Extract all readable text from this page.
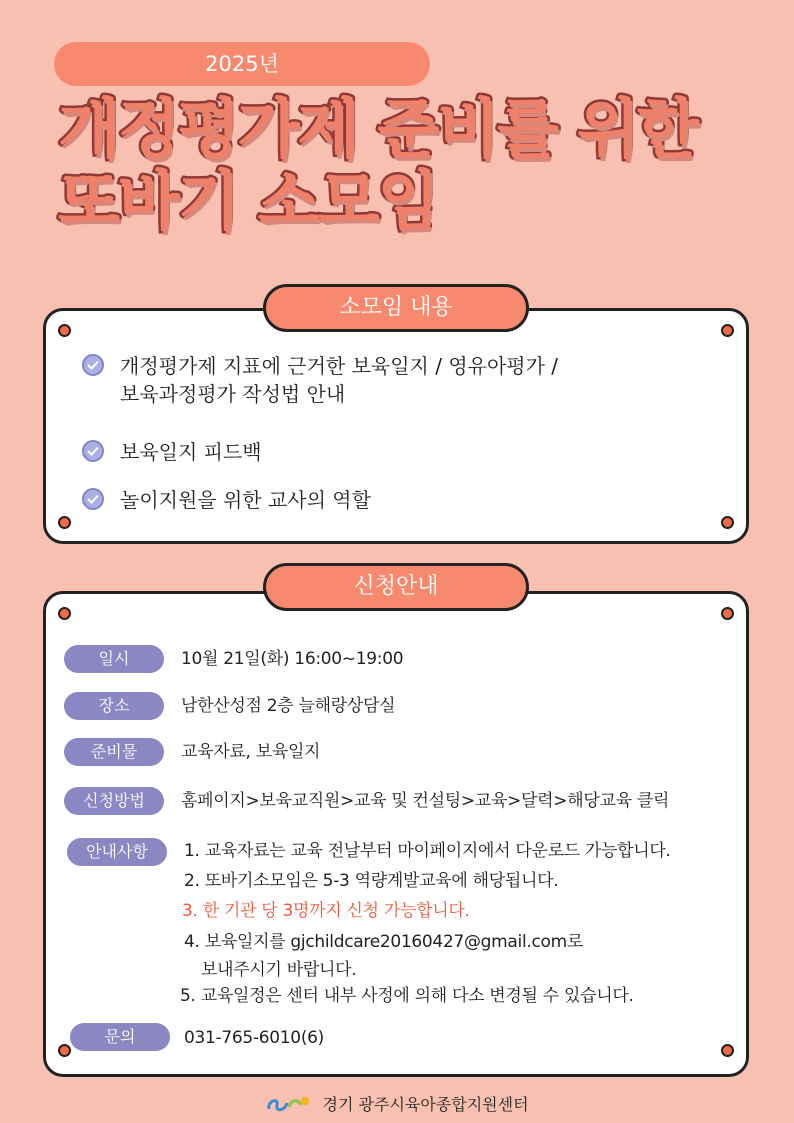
2025년
개정평가제 준비를 위한
또바기 소모임
소모임 내용
개정평가제 지표에 근거한 보육일지 / 영유아평가 /
보육과정평가 작성법 안내
보육일지 피드백
놀이지원을 위한 교사의 역할
신청안내
일시	10월 21일(화) 16:00~19:00
장소	남한산성점 2층 늘해랑상담실
준비물	교육자료, 보육일지
신청방법	홈페이지>보육교직원>교육 및 컨설팅>교육>달력>해당교육 클릭
안내사항	1. 교육자료는 교육 전날부터 마이페이지에서 다운로드 가능합니다.
2. 또바기소모임은 5-3 역량계발교육에 해당됩니다.
3. 한 기관 당 3명까지 신청 가능합니다.
4. 보육일지를 gjchildcare20160427@gmail.com로
보내주시기 바랍니다.
5. 교육일정은 센터 내부 사정에 의해 다소 변경될 수 있습니다.
문의	031-765-6010(6)
경기 광주시육아종합지원센터
